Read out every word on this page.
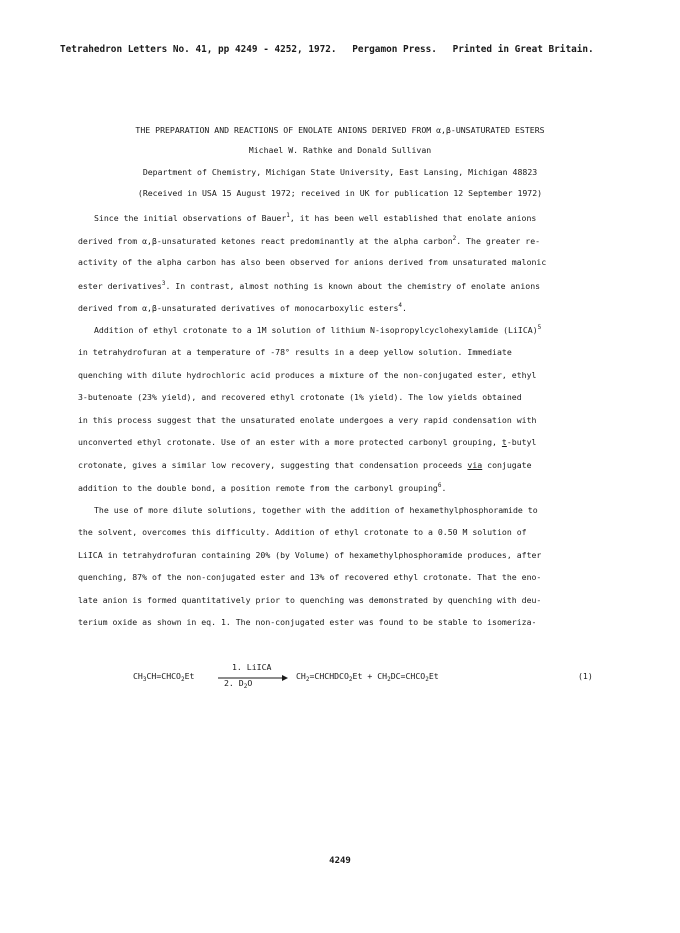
Tetrahedron Letters No. 41, pp 4249 - 4252, 1972. Pergamon Press. Printed in Great Britain.
THE PREPARATION AND REACTIONS OF ENOLATE ANIONS DERIVED FROM α,β-UNSATURATED ESTERS
Michael W. Rathke and Donald Sullivan
Department of Chemistry, Michigan State University, East Lansing, Michigan 48823
(Received in USA 15 August 1972; received in UK for publication 12 September 1972)
Since the initial observations of Bauer$^1$, it has been well established that enolate anions
derived from α,β-unsaturated ketones react predominantly at the alpha carbon$^2$. The greater re-
activity of the alpha carbon has also been observed for anions derived from unsaturated malonic
ester derivatives$^3$. In contrast, almost nothing is known about the chemistry of enolate anions
derived from α,β-unsaturated derivatives of monocarboxylic esters$^4$.
Addition of ethyl crotonate to a 1M solution of lithium N-isopropylcyclohexylamide (LiICA)$^5$
in tetrahydrofuran at a temperature of -78° results in a deep yellow solution. Immediate
quenching with dilute hydrochloric acid produces a mixture of the non-conjugated ester, ethyl
3-butenoate (23% yield), and recovered ethyl crotonate (1% yield). The low yields obtained
in this process suggest that the unsaturated enolate undergoes a very rapid condensation with
unconverted ethyl crotonate. Use of an ester with a more protected carbonyl grouping, t-butyl
crotonate, gives a similar low recovery, suggesting that condensation proceeds via conjugate
addition to the double bond, a position remote from the carbonyl grouping$^6$.
The use of more dilute solutions, together with the addition of hexamethylphosphoramide to
the solvent, overcomes this difficulty. Addition of ethyl crotonate to a 0.50 M solution of
LiICA in tetrahydrofuran containing 20% (by Volume) of hexamethylphosphoramide produces, after
quenching, 87% of the non-conjugated ester and 13% of recovered ethyl crotonate. That the eno-
late anion is formed quantitatively prior to quenching was demonstrated by quenching with deu-
terium oxide as shown in eq. 1. The non-conjugated ester was found to be stable to isomeriza-
$CH_3CH=CHCO_2Et$
1. LiICA
2. $D_2O$
$CH_2=CHCHDCO_2Et$ + $CH_2DC=CHCO_2Et$	(1)
4249
